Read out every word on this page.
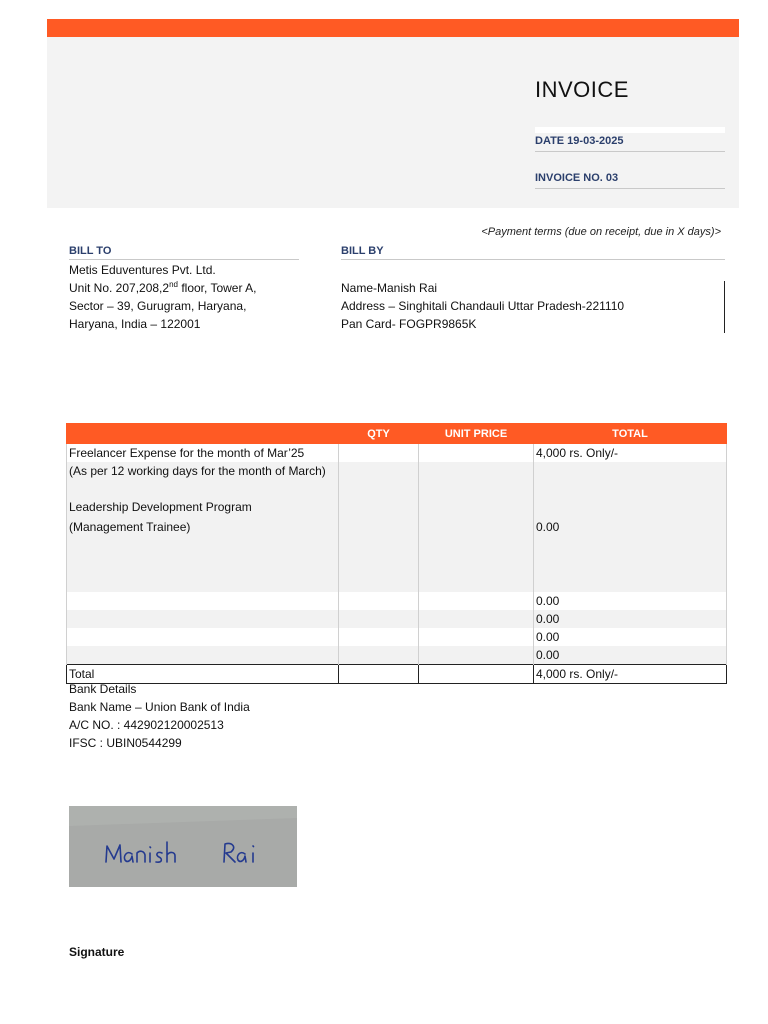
INVOICE
DATE 19-03-2025
INVOICE NO. 03
<Payment terms (due on receipt, due in X days)>
BILL TO
Metis Eduventures Pvt. Ltd.
Unit No. 207,208,2nd floor, Tower A,
Sector – 39, Gurugram, Haryana,
Haryana, India – 122001
BILL BY
Name-Manish Rai
Address – Singhitali Chandauli Uttar Pradesh-221110
Pan Card- FOGPR9865K
	QTY	UNIT PRICE	TOTAL
Freelancer Expense for the month of Mar’25			4,000 rs. Only/-
(As per 12 working days for the month of March)			
Leadership Development Program			
(Management Trainee)			0.00
			0.00
			0.00
			0.00
			0.00
Total			4,000 rs. Only/-
Bank Details
Bank Name – Union Bank of India
A/C NO. : 442902120002513
IFSC : UBIN0544299
Signature
